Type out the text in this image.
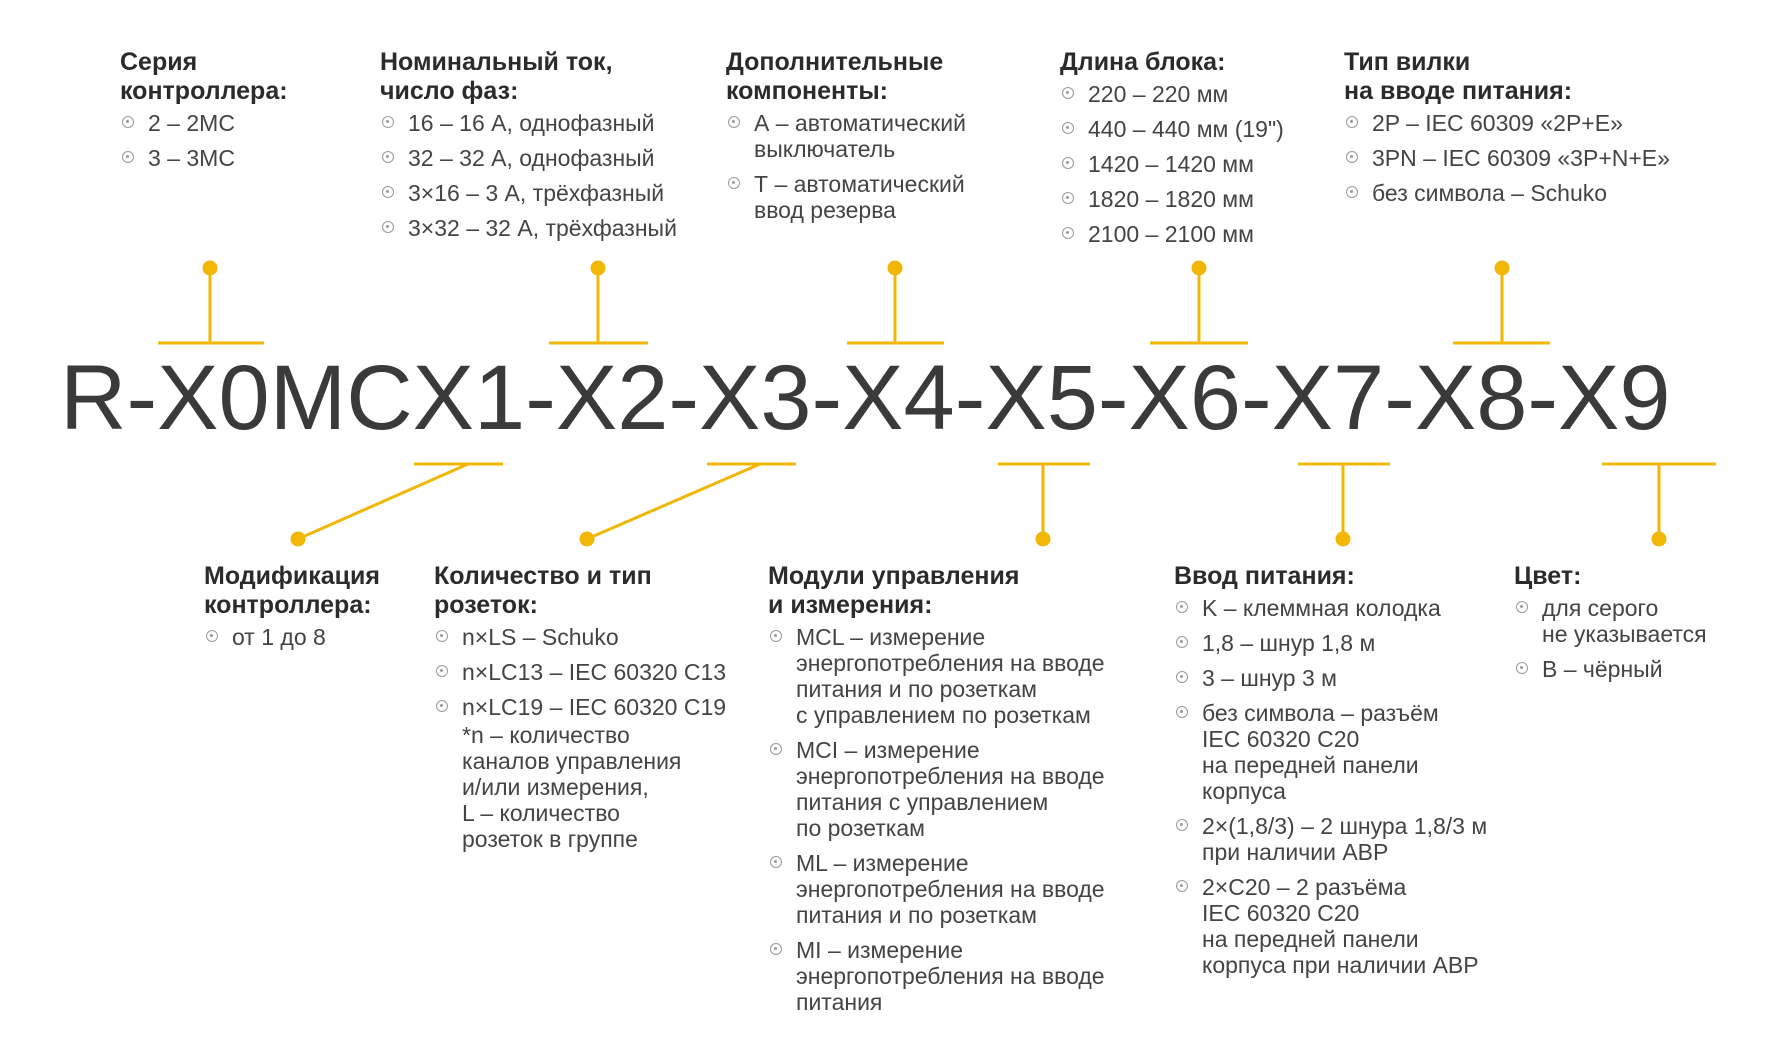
Серия
контроллера:
2 – 2MC
3 – 3MC
Номинальный ток,
число фаз:
16 – 16 А, однофазный
32 – 32 А, однофазный
3×16 – 3 А, трёхфазный
3×32 – 32 А, трёхфазный
Дополнительные
компоненты:
А – автоматический
выключатель
Т – автоматический
ввод резерва
Длина блока:
220 – 220 мм
440 – 440 мм (19")
1420 – 1420 мм
1820 – 1820 мм
2100 – 2100 мм
Тип вилки
на вводе питания:
2P – IEC 60309 «2P+E»
3PN – IEC 60309 «3P+N+E»
без символа – Schuko
R-X0MCX1-X2-X3-X4-X5-X6-X7-X8-X9
Модификация
контроллера:
от 1 до 8
Количество и тип
розеток:
n×LS – Schuko
n×LC13 – IEC 60320 C13
n×LC19 – IEC 60320 C19
*n – количество
каналов управления
и/или измерения,
L – количество
розеток в группе
Модули управления
и измерения:
MCL – измерение
энергопотребления на вводе
питания и по розеткам
с управлением по розеткам
MCI – измерение
энергопотребления на вводе
питания с управлением
по розеткам
ML – измерение
энергопотребления на вводе
питания и по розеткам
MI – измерение
энергопотребления на вводе
питания
Ввод питания:
K – клеммная колодка
1,8 – шнур 1,8 м
3 – шнур 3 м
без символа – разъём
IEC 60320 C20
на передней панели
корпуса
2×(1,8/3) – 2 шнура 1,8/3 м
при наличии АВР
2×C20 – 2 разъёма
IEC 60320 C20
на передней панели
корпуса при наличии АВР
Цвет:
для серого
не указывается
B – чёрный
